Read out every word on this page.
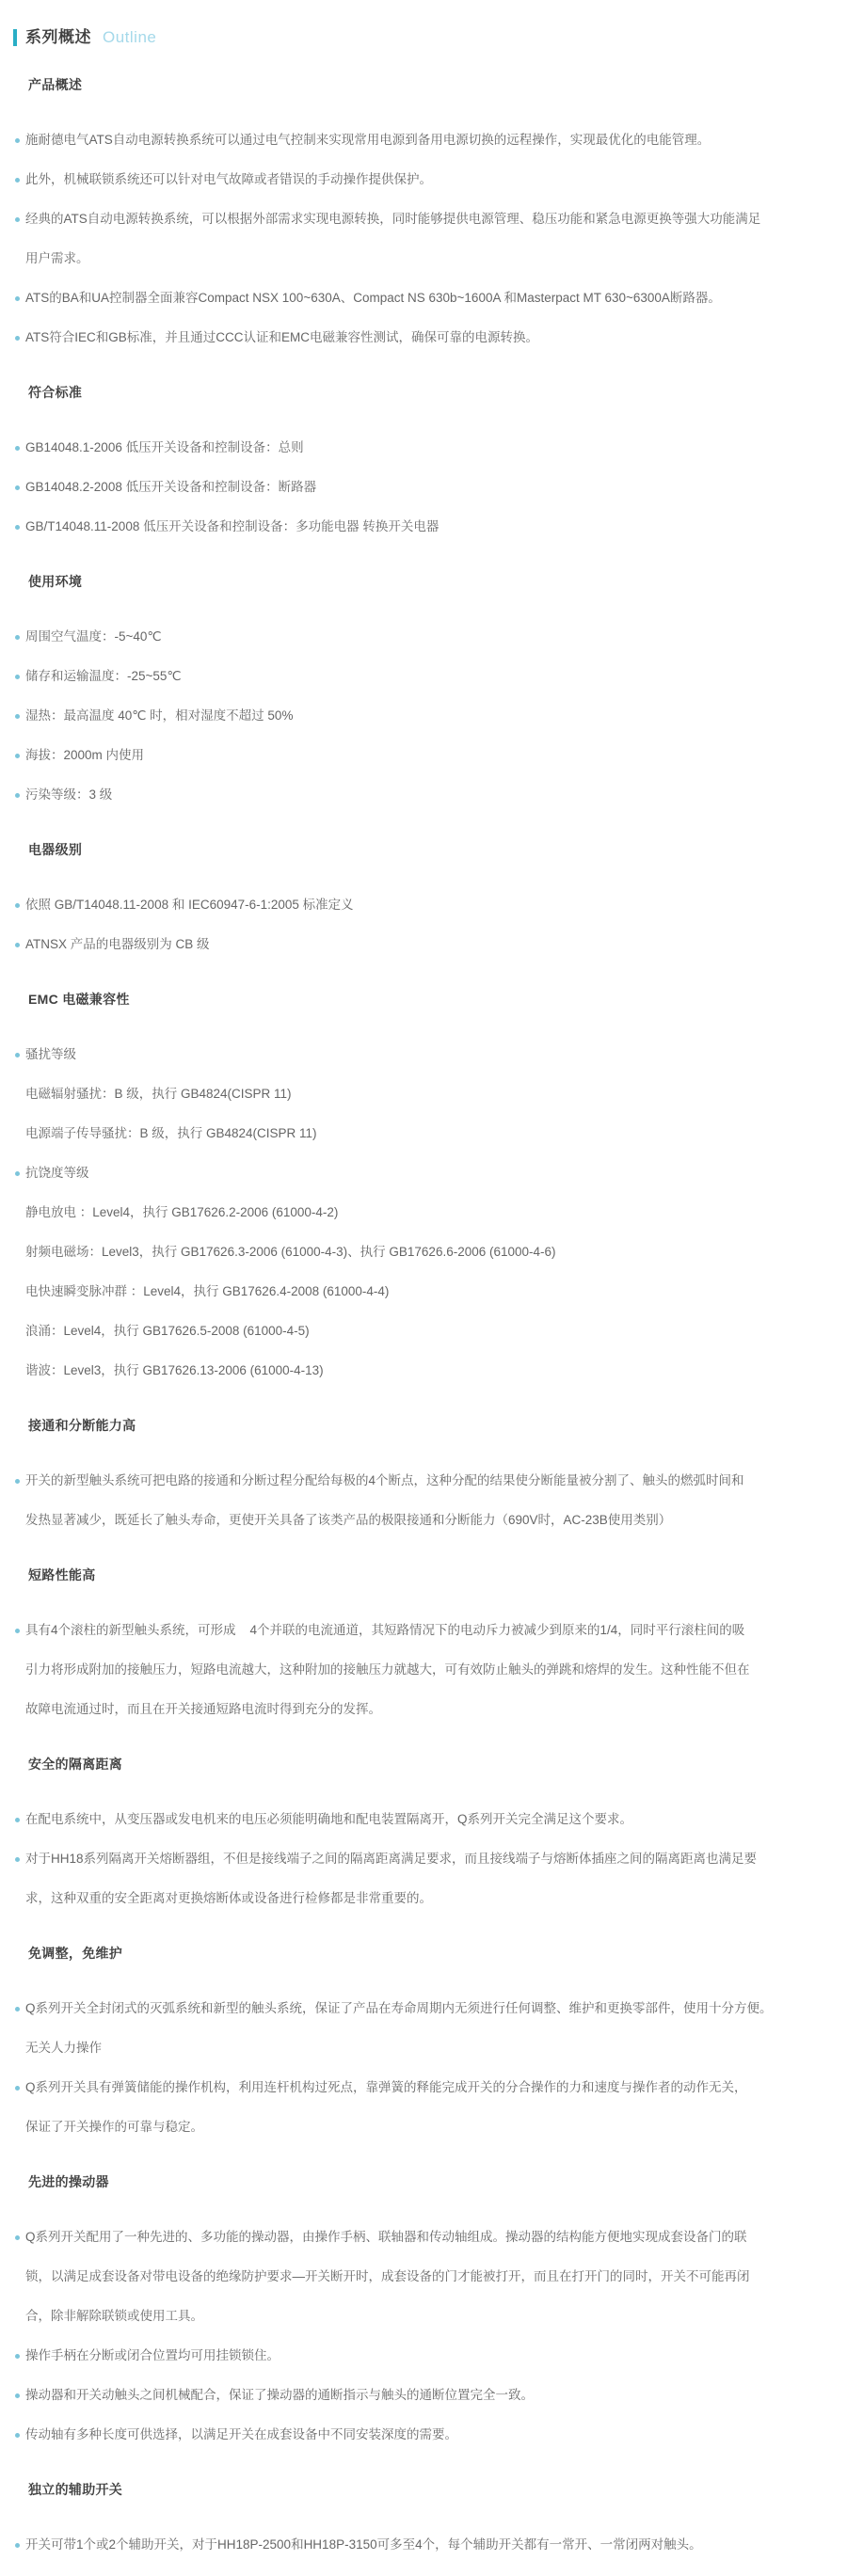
系列概述 Outline
产品概述
施耐德电气ATS自动电源转换系统可以通过电气控制来实现常用电源到备用电源切换的远程操作，实现最优化的电能管理。
此外，机械联锁系统还可以针对电气故障或者错误的手动操作提供保护。
经典的ATS自动电源转换系统，可以根据外部需求实现电源转换，同时能够提供电源管理、稳压功能和紧急电源更换等强大功能满足
用户需求。
ATS的BA和UA控制器全面兼容Compact NSX 100~630A、Compact NS 630b~1600A 和Masterpact MT 630~6300A断路器。
ATS符合IEC和GB标准，并且通过CCC认证和EMC电磁兼容性测试，确保可靠的电源转换。
符合标准
GB14048.1-2006 低压开关设备和控制设备：总则
GB14048.2-2008 低压开关设备和控制设备：断路器
GB/T14048.11-2008 低压开关设备和控制设备：多功能电器 转换开关电器
使用环境
周围空气温度：-5~40℃
储存和运输温度：-25~55℃
湿热：最高温度 40℃ 时，相对湿度不超过 50%
海拔：2000m 内使用
污染等级：3 级
电器级别
依照 GB/T14048.11-2008 和 IEC60947-6-1:2005 标准定义
ATNSX 产品的电器级别为 CB 级
EMC 电磁兼容性
骚扰等级
电磁辐射骚扰：B 级，执行 GB4824(CISPR 11)
电源端子传导骚扰：B 级，执行 GB4824(CISPR 11)
抗饶度等级
静电放电 ：Level4，执行 GB17626.2-2006 (61000-4-2)
射频电磁场：Level3，执行 GB17626.3-2006 (61000-4-3)、执行 GB17626.6-2006 (61000-4-6)
电快速瞬变脉冲群 ：Level4，执行 GB17626.4-2008 (61000-4-4)
浪涌：Level4，执行 GB17626.5-2008 (61000-4-5)
谐波：Level3，执行 GB17626.13-2006 (61000-4-13)
接通和分断能力高
开关的新型触头系统可把电路的接通和分断过程分配给每极的4个断点，这种分配的结果使分断能量被分割了、触头的燃弧时间和
发热显著减少，既延长了触头寿命，更使开关具备了该类产品的极限接通和分断能力（690V时，AC-23B使用类别）
短路性能高
具有4个滚柱的新型触头系统，可形成    4个并联的电流通道，其短路情况下的电动斥力被减少到原来的1/4，同时平行滚柱间的吸
引力将形成附加的接触压力，短路电流越大，这种附加的接触压力就越大，可有效防止触头的弹跳和熔焊的发生。这种性能不但在
故障电流通过时，而且在开关接通短路电流时得到充分的发挥。
安全的隔离距离
在配电系统中，从变压器或发电机来的电压必须能明确地和配电装置隔离开，Q系列开关完全满足这个要求。
对于HH18系列隔离开关熔断器组，不但是接线端子之间的隔离距离满足要求，而且接线端子与熔断体插座之间的隔离距离也满足要
求，这种双重的安全距离对更换熔断体或设备进行检修都是非常重要的。
免调整，免维护
Q系列开关全封闭式的灭弧系统和新型的触头系统，保证了产品在寿命周期内无须进行任何调整、维护和更换零部件，使用十分方便。
无关人力操作
Q系列开关具有弹簧储能的操作机构，利用连杆机构过死点，靠弹簧的释能完成开关的分合操作的力和速度与操作者的动作无关，
保证了开关操作的可靠与稳定。
先进的操动器
Q系列开关配用了一种先进的、多功能的操动器，由操作手柄、联轴器和传动轴组成。操动器的结构能方便地实现成套设备门的联
锁，以满足成套设备对带电设备的绝缘防护要求—开关断开时，成套设备的门才能被打开，而且在打开门的同时，开关不可能再闭
合，除非解除联锁或使用工具。
操作手柄在分断或闭合位置均可用挂锁锁住。
操动器和开关动触头之间机械配合，保证了操动器的通断指示与触头的通断位置完全一致。
传动轴有多种长度可供选择，以满足开关在成套设备中不同安装深度的需要。
独立的辅助开关
开关可带1个或2个辅助开关，对于HH18P-2500和HH18P-3150可多至4个，每个辅助开关都有一常开、一常闭两对触头。
